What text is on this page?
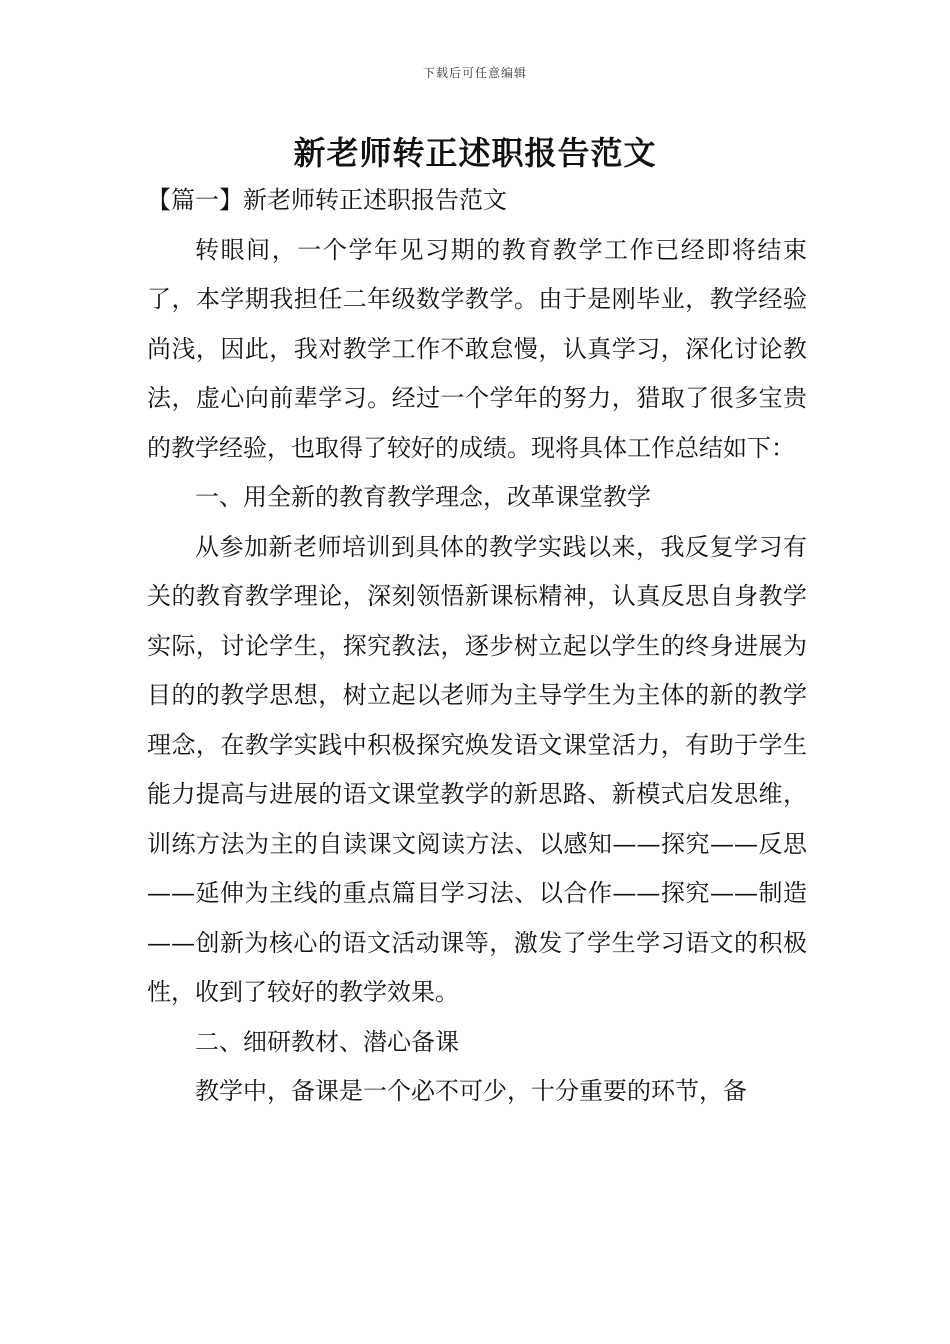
下载后可任意编辑
新老师转正述职报告范文

【篇一】新老师转正述职报告范文

转眼间，一个学年见习期的教育教学工作已经即将结束了，本学期我担任二年级数学教学。由于是刚毕业，教学经验尚浅，因此，我对教学工作不敢怠慢，认真学习，深化讨论教法，虚心向前辈学习。经过一个学年的努力，猎取了很多宝贵的教学经验，也取得了较好的成绩。现将具体工作总结如下：

一、用全新的教育教学理念，改革课堂教学

从参加新老师培训到具体的教学实践以来，我反复学习有关的教育教学理论，深刻领悟新课标精神，认真反思自身教学实际，讨论学生，探究教法，逐步树立起以学生的终身进展为目的的教学思想，树立起以老师为主导学生为主体的新的教学理念，在教学实践中积极探究焕发语文课堂活力，有助于学生能力提高与进展的语文课堂教学的新思路、新模式启发思维，训练方法为主的自读课文阅读方法、以感知——探究——反思——延伸为主线的重点篇目学习法、以合作——探究——制造——创新为核心的语文活动课等，激发了学生学习语文的积极性，收到了较好的教学效果。

二、细研教材、潜心备课

教学中，备课是一个必不可少，十分重要的环节，备
